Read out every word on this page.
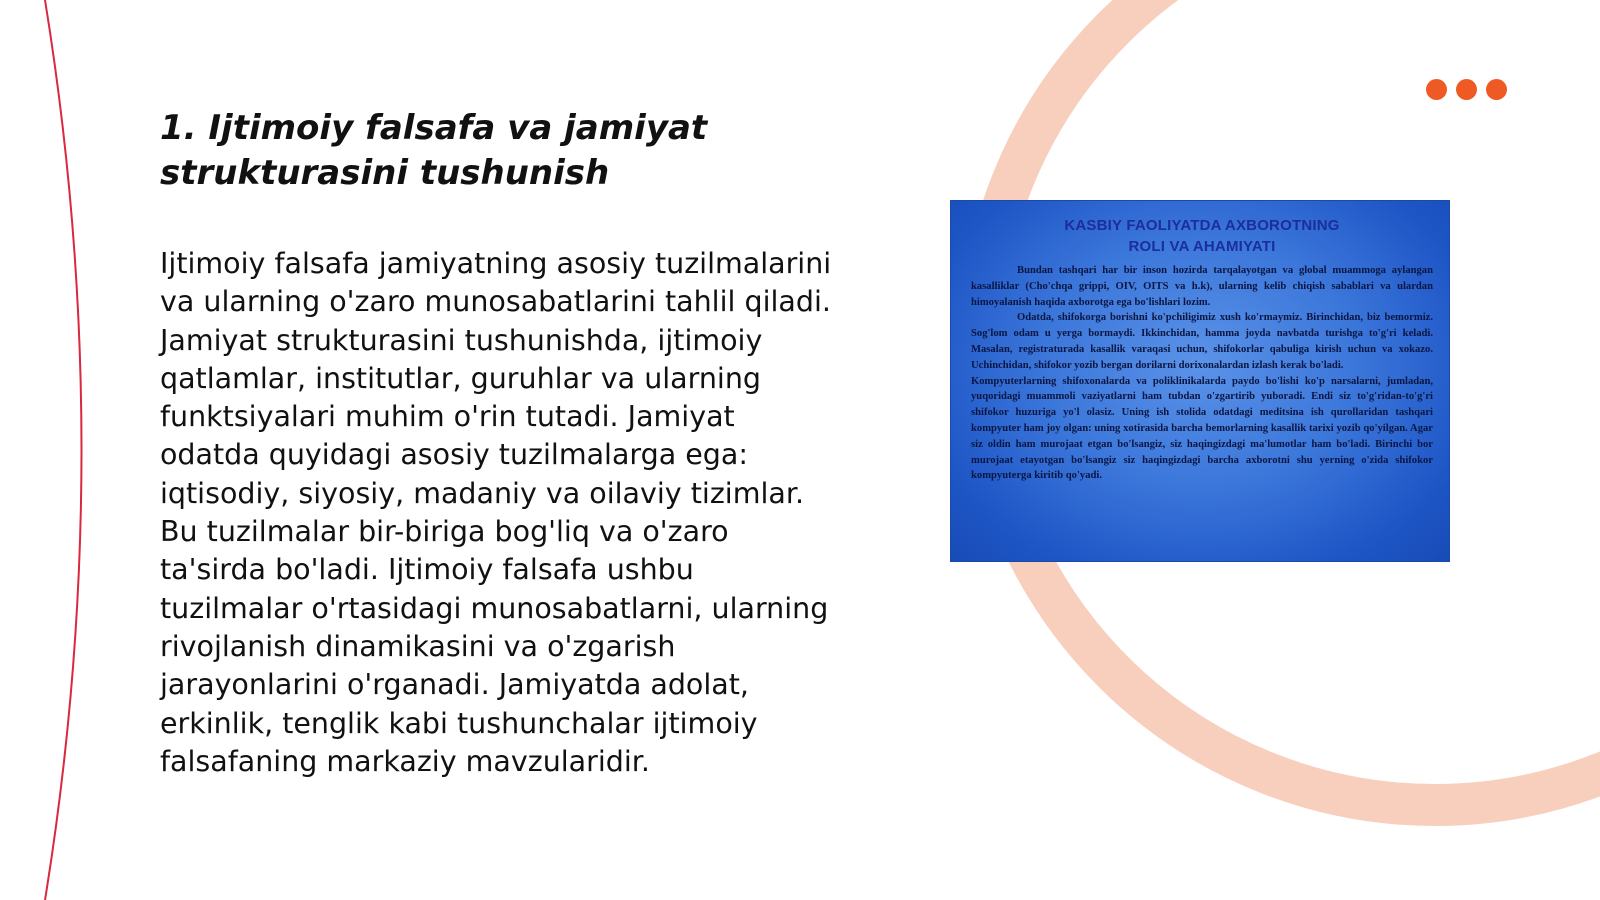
1. Ijtimoiy falsafa va jamiyat strukturasini tushunish

Ijtimoiy falsafa jamiyatning asosiy tuzilmalarini va ularning o'zaro munosabatlarini tahlil qiladi. Jamiyat strukturasini tushunishda, ijtimoiy qatlamlar, institutlar, guruhlar va ularning funktsiyalari muhim o'rin tutadi. Jamiyat odatda quyidagi asosiy tuzilmalarga ega: iqtisodiy, siyosiy, madaniy va oilaviy tizimlar. Bu tuzilmalar bir-biriga bog'liq va o'zaro ta'sirda bo'ladi. Ijtimoiy falsafa ushbu tuzilmalar o'rtasidagi munosabatlarni, ularning rivojlanish dinamikasini va o'zgarish jarayonlarini o'rganadi. Jamiyatda adolat, erkinlik, tenglik kabi tushunchalar ijtimoiy falsafaning markaziy mavzularidir.

KASBIY FAOLIYATDA AXBOROTNING
ROLI VA AHAMIYATI

Bundan tashqari har bir inson hozirda tarqalayotgan va global muammoga aylangan kasalliklar (Cho'chqa grippi, OIV, OITS va h.k), ularning kelib chiqish sabablari va ulardan himoyalanish haqida axborotga ega bo'lishlari lozim.

Odatda, shifokorga borishni ko'pchiligimiz xush ko'rmaymiz. Birinchidan, biz bemormiz. Sog'lom odam u yerga bormaydi. Ikkinchidan, hamma joyda navbatda turishga to'g'ri keladi. Masalan, registraturada kasallik varaqasi uchun, shifokorlar qabuliga kirish uchun va xokazo. Uchinchidan, shifokor yozib bergan dorilarni dorixonalardan izlash kerak bo'ladi.

Kompyuterlarning shifoxonalarda va poliklinikalarda paydo bo'lishi ko'p narsalarni, jumladan, yuqoridagi muammoli vaziyatlarni ham tubdan o'zgartirib yuboradi. Endi siz to'g'ridan-to'g'ri shifokor huzuriga yo'l olasiz. Uning ish stolida odatdagi meditsina ish qurollaridan tashqari kompyuter ham joy olgan: uning xotirasida barcha bemorlarning kasallik tarixi yozib qo'yilgan. Agar siz oldin ham murojaat etgan bo'lsangiz, siz haqingizdagi ma'lumotlar ham bo'ladi. Birinchi bor murojaat etayotgan bo'lsangiz siz haqingizdagi barcha axborotni shu yerning o'zida shifokor kompyuterga kiritib qo'yadi.
